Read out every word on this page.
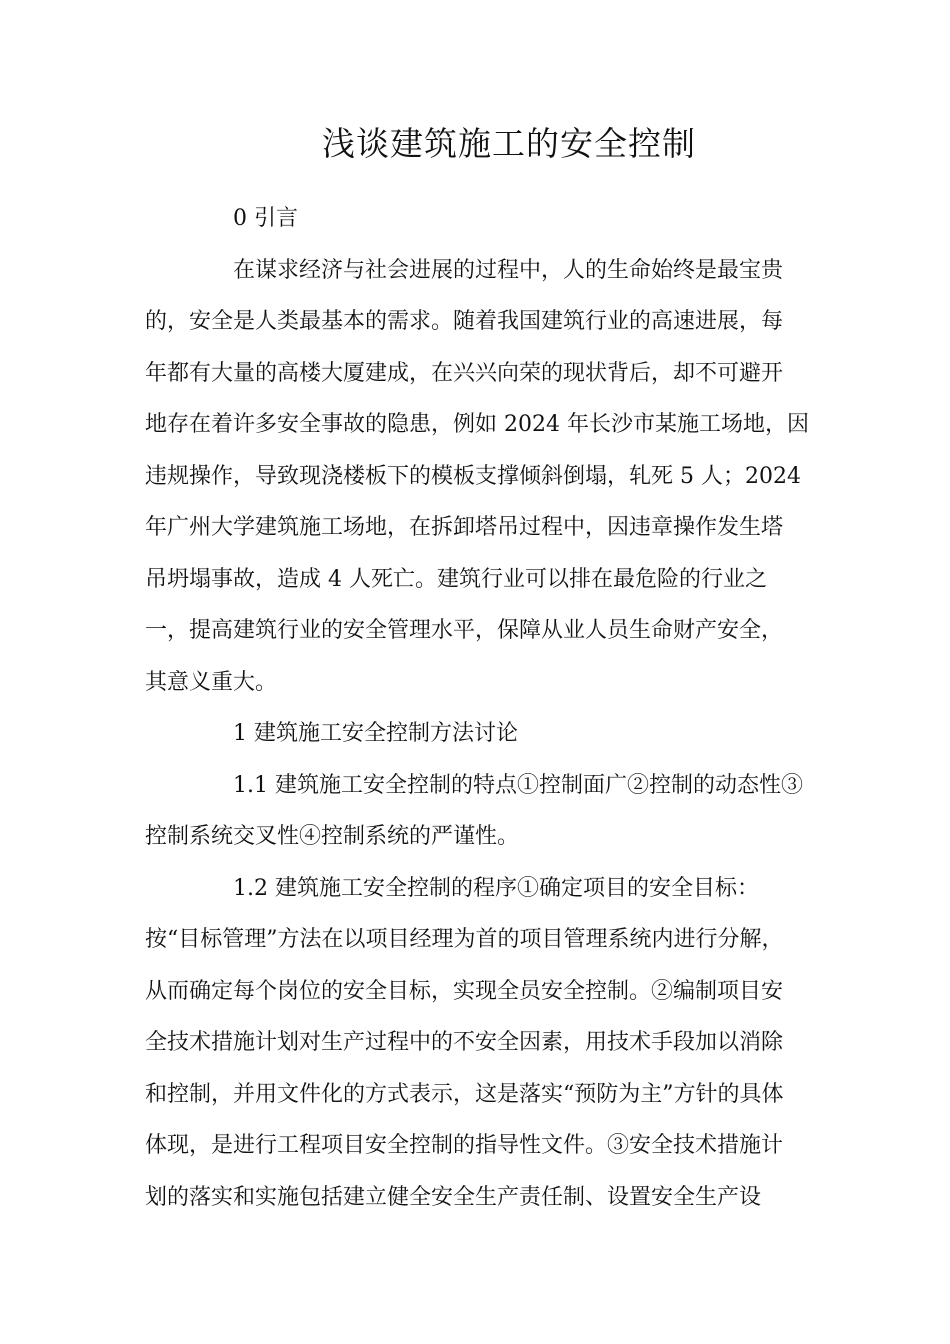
浅谈建筑施工的安全控制

0 引言

在谋求经济与社会进展的过程中，人的生命始终是最宝贵
的，安全是人类最基本的需求。随着我国建筑行业的高速进展，每
年都有大量的高楼大厦建成，在兴兴向荣的现状背后，却不可避开
地存在着许多安全事故的隐患，例如 2024 年长沙市某施工场地，因
违规操作，导致现浇楼板下的模板支撑倾斜倒塌，轧死 5 人；2024
年广州大学建筑施工场地，在拆卸塔吊过程中，因违章操作发生塔
吊坍塌事故，造成 4 人死亡。建筑行业可以排在最危险的行业之
一，提高建筑行业的安全管理水平，保障从业人员生命财产安全，
其意义重大。

1 建筑施工安全控制方法讨论

1.1 建筑施工安全控制的特点①控制面广②控制的动态性③
控制系统交叉性④控制系统的严谨性。

1.2 建筑施工安全控制的程序①确定项目的安全目标：
按“目标管理”方法在以项目经理为首的项目管理系统内进行分解，
从而确定每个岗位的安全目标，实现全员安全控制。②编制项目安
全技术措施计划对生产过程中的不安全因素，用技术手段加以消除
和控制，并用文件化的方式表示，这是落实“预防为主”方针的具体
体现，是进行工程项目安全控制的指导性文件。③安全技术措施计
划的落实和实施包括建立健全安全生产责任制、设置安全生产设
